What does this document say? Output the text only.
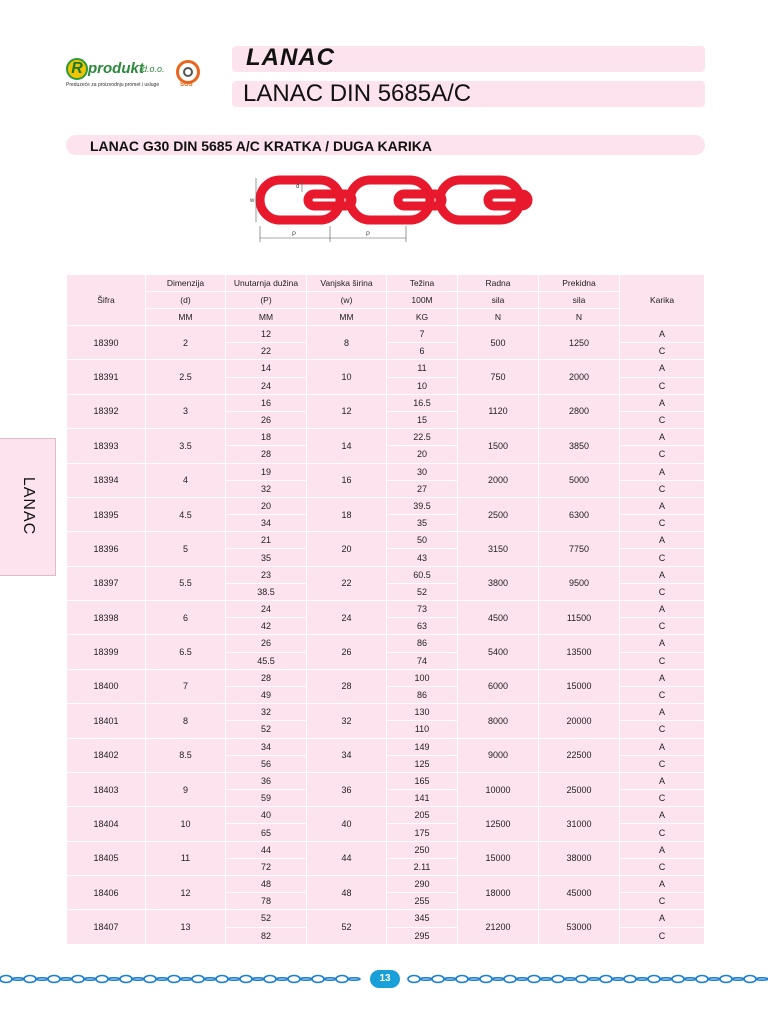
R produkt
d.o.o.
Preduzeće za proizvodnju promet i usluge	SGS
LANAC
LANAC DIN 5685A/C
LANAC G30 DIN 5685 A/C KRATKA / DUGA KARIKA
w
d
P	P
LANAC
Šifra	Dimenzija	Unutarnja dužina	Vanjska širina	Težina	Radna	Prekidna	Karika
	(d)	(P)	(w)	100M	sila	sila	
	MM	MM	MM	KG	N	N	
18390	2	12	8	7	500	1250	A
		22		6			C
18391	2.5	14	10	11	750	2000	A
		24		10			C
18392	3	16	12	16.5	1120	2800	A
		26		15			C
18393	3.5	18	14	22.5	1500	3850	A
		28		20			C
18394	4	19	16	30	2000	5000	A
		32		27			C
18395	4.5	20	18	39.5	2500	6300	A
		34		35			C
18396	5	21	20	50	3150	7750	A
		35		43			C
18397	5.5	23	22	60.5	3800	9500	A
		38.5		52			C
18398	6	24	24	73	4500	11500	A
		42		63			C
18399	6.5	26	26	86	5400	13500	A
		45.5		74			C
18400	7	28	28	100	6000	15000	A
		49		86			C
18401	8	32	32	130	8000	20000	A
		52		110			C
18402	8.5	34	34	149	9000	22500	A
		56		125			C
18403	9	36	36	165	10000	25000	A
		59		141			C
18404	10	40	40	205	12500	31000	A
		65		175			C
18405	11	44	44	250	15000	38000	A
		72		2.11			C
18406	12	48	48	290	18000	45000	A
		78		255			C
18407	13	52	52	345	21200	53000	A
		82		295			C
13
